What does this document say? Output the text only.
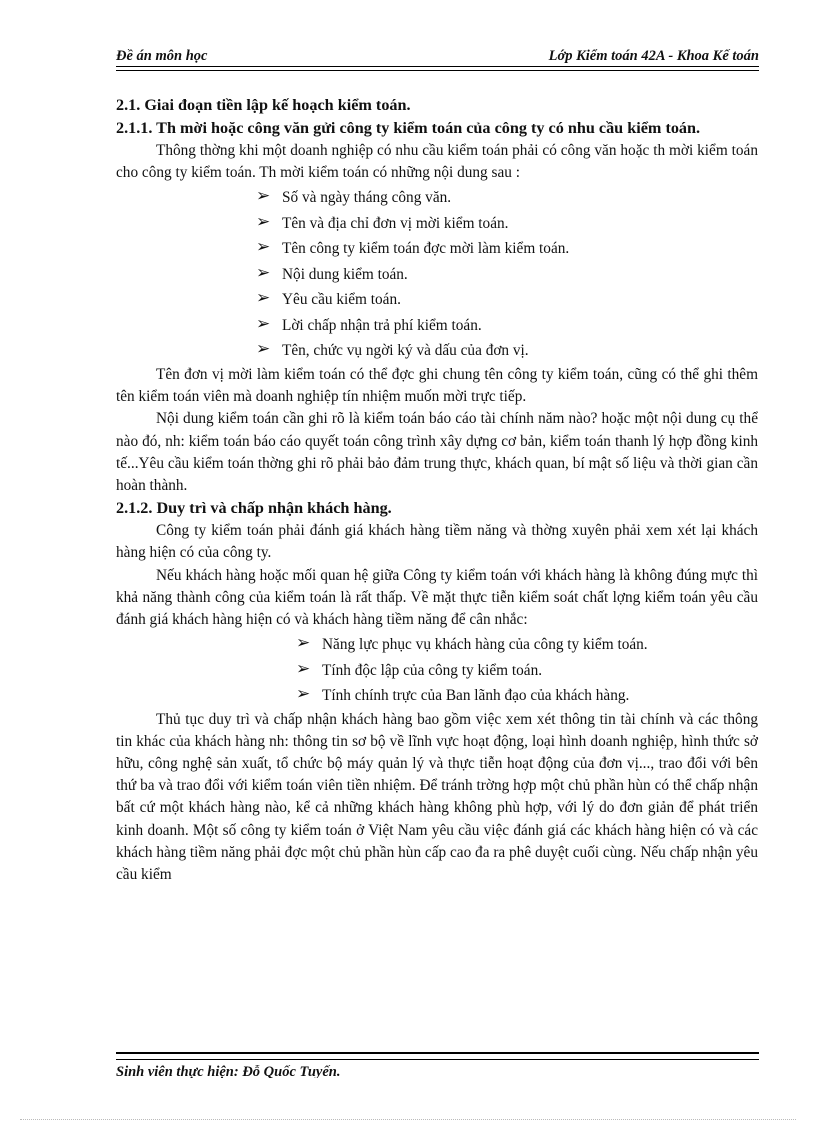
Đề án môn học	Lớp Kiểm toán 42A - Khoa Kế toán

2.1. Giai đoạn tiền lập kế hoạch kiểm toán.

2.1.1. Th mời hoặc công văn gửi công ty kiểm toán của công ty có nhu cầu kiểm toán.

Thông thờng khi một doanh nghiệp có nhu cầu kiểm toán phải có công văn hoặc th mời kiểm toán cho công ty kiểm toán. Th mời kiểm toán có những nội dung sau :

➢ Số và ngày tháng công văn.
➢ Tên và địa chỉ đơn vị mời kiểm toán.
➢ Tên công ty kiểm toán đợc mời làm kiểm toán.
➢ Nội dung kiểm toán.
➢ Yêu cầu kiểm toán.
➢ Lời chấp nhận trả phí kiểm toán.
➢ Tên, chức vụ ngời ký và dấu của đơn vị.

Tên đơn vị mời làm kiểm toán có thể đợc ghi chung tên công ty kiểm toán, cũng có thể ghi thêm tên kiểm toán viên mà doanh nghiệp tín nhiệm muốn mời trực tiếp.

Nội dung kiểm toán cần ghi rõ là kiểm toán báo cáo tài chính năm nào? hoặc một nội dung cụ thể nào đó, nh: kiểm toán báo cáo quyết toán công trình xây dựng cơ bản, kiểm toán thanh lý hợp đồng kinh tế...Yêu cầu kiểm toán thờng ghi rõ phải bảo đảm trung thực, khách quan, bí mật số liệu và thời gian cần hoàn thành.

2.1.2. Duy trì và chấp nhận khách hàng.

Công ty kiểm toán phải đánh giá khách hàng tiềm năng và thờng xuyên phải xem xét lại khách hàng hiện có của công ty.

Nếu khách hàng hoặc mối quan hệ giữa Công ty kiểm toán với khách hàng là không đúng mực thì khả năng thành công của kiểm toán là rất thấp. Về mặt thực tiễn kiểm soát chất lợng kiểm toán yêu cầu đánh giá khách hàng hiện có và khách hàng tiềm năng để cân nhắc:

➢ Năng lực phục vụ khách hàng của công ty kiểm toán.
➢ Tính độc lập của công ty kiểm toán.
➢ Tính chính trực của Ban lãnh đạo của khách hàng.

Thủ tục duy trì và chấp nhận khách hàng bao gồm việc xem xét thông tin tài chính và các thông tin khác của khách hàng nh: thông tin sơ bộ về lĩnh vực hoạt động, loại hình doanh nghiệp, hình thức sở hữu, công nghệ sản xuất, tổ chức bộ máy quản lý và thực tiễn hoạt động của đơn vị..., trao đổi với bên thứ ba và trao đổi với kiểm toán viên tiền nhiệm. Để tránh trờng hợp một chủ phần hùn có thể chấp nhận bất cứ một khách hàng nào, kể cả những khách hàng không phù hợp, với lý do đơn giản để phát triển kinh doanh. Một số công ty kiểm toán ở Việt Nam yêu cầu việc đánh giá các khách hàng hiện có và các khách hàng tiềm năng phải đợc một chủ phần hùn cấp cao đa ra phê duyệt cuối cùng. Nếu chấp nhận yêu cầu kiểm

Sinh viên thực hiện: Đỗ Quốc Tuyến.
